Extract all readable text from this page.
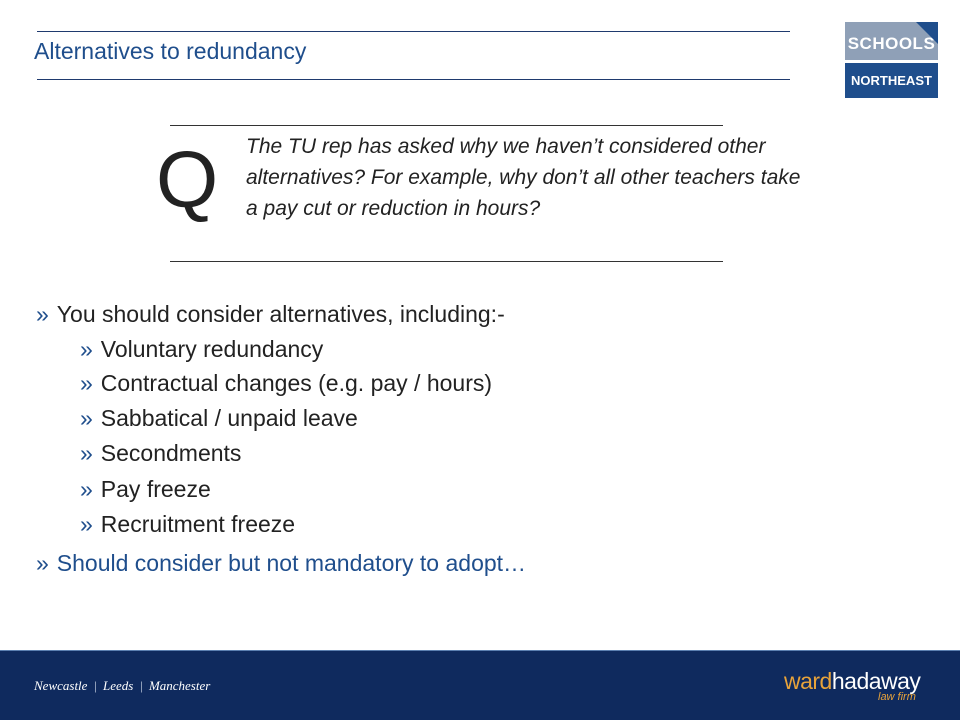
Alternatives to redundancy	SCHOOLS
NORTHEAST
Q The TU rep has asked why we haven’t considered other alternatives? For example, why don’t all other teachers take a pay cut or reduction in hours?

» You should consider alternatives, including:-
» Voluntary redundancy
» Contractual changes (e.g. pay / hours)
» Sabbatical / unpaid leave
» Secondments
» Pay freeze
» Recruitment freeze
» Should consider but not mandatory to adopt…
Newcastle | Leeds | Manchester	wardhadaway
law firm
